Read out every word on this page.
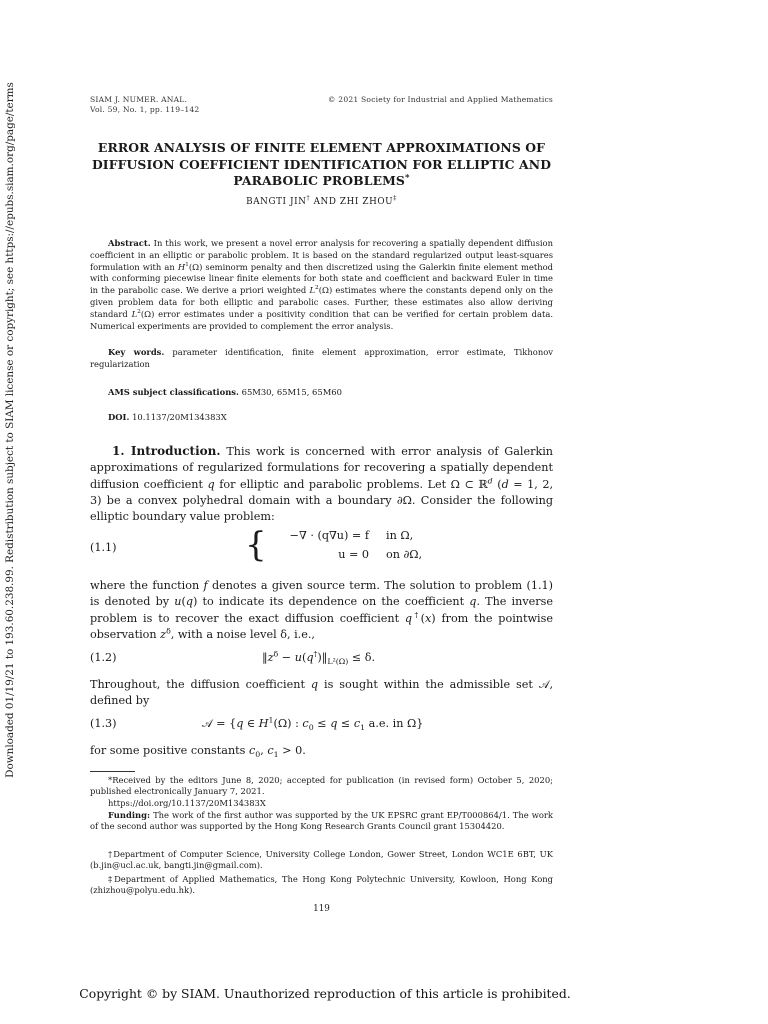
Downloaded 01/19/21 to 193.60.238.99. Redistribution subject to SIAM license or copyright; see https://epubs.siam.org/page/terms	SIAM J. NUMER. ANAL.
Vol. 59, No. 1, pp. 119–142
© 2021 Society for Industrial and Applied Mathematics
ERROR ANALYSIS OF FINITE ELEMENT APPROXIMATIONS OF
DIFFUSION COEFFICIENT IDENTIFICATION FOR ELLIPTIC AND
PARABOLIC PROBLEMS*
BANGTI JIN† AND ZHI ZHOU‡
Abstract. In this work, we present a novel error analysis for recovering a spatially dependent diffusion coefficient in an elliptic or parabolic problem. It is based on the standard regularized output least-squares formulation with an $H^1(\Omega)$ seminorm penalty and then discretized using the Galerkin finite element method with conforming piecewise linear finite elements for both state and coefficient and backward Euler in time in the parabolic case. We derive a priori weighted $L^2(\Omega)$ estimates where the constants depend only on the given problem data for both elliptic and parabolic cases. Further, these estimates also allow deriving standard $L^2(\Omega)$ error estimates under a positivity condition that can be verified for certain problem data. Numerical experiments are provided to complement the error analysis.
Key words. parameter identification, finite element approximation, error estimate, Tikhonov regularization
AMS subject classifications. 65M30, 65M15, 65M60
DOI. 10.1137/20M134383X
1. Introduction. This work is concerned with error analysis of Galerkin approximations of regularized formulations for recovering a spatially dependent diffusion coefficient q for elliptic and parabolic problems. Let Ω ⊂ ℝ$^d$ (d = 1, 2, 3) be a convex polyhedral domain with a boundary ∂Ω. Consider the following elliptic boundary value problem:
(1.1)	{	−∇ · (q∇u) = f in Ω,
u = 0 on ∂Ω,
where the function f denotes a given source term. The solution to problem (1.1) is denoted by u(q) to indicate its dependence on the coefficient q. The inverse problem is to recover the exact diffusion coefficient q†(x) from the pointwise observation $z^\delta$, with a noise level δ, i.e.,
(1.2)	$‖z^\delta$ − $u(q^\dagger)‖_{L^2(\Omega)} \le \delta$.
Throughout, the diffusion coefficient q is sought within the admissible set 𝒜, defined by
(1.3)	𝒜 = {q ∈ $H^1(\Omega)$ : $c_0 \le q \le c_1$ a.e. in Ω}
for some positive constants $c_0$, $c_1 > 0$.
*Received by the editors June 8, 2020; accepted for publication (in revised form) October 5, 2020; published electronically January 7, 2021.
https://doi.org/10.1137/20M134383X
Funding: The work of the first author was supported by the UK EPSRC grant EP/T000864/1. The work of the second author was supported by the Hong Kong Research Grants Council grant 15304420.
†Department of Computer Science, University College London, Gower Street, London WC1E 6BT, UK (b.jin@ucl.ac.uk, bangti.jin@gmail.com).
‡Department of Applied Mathematics, The Hong Kong Polytechnic University, Kowloon, Hong Kong (zhizhou@polyu.edu.hk).
119
Copyright © by SIAM. Unauthorized reproduction of this article is prohibited.
